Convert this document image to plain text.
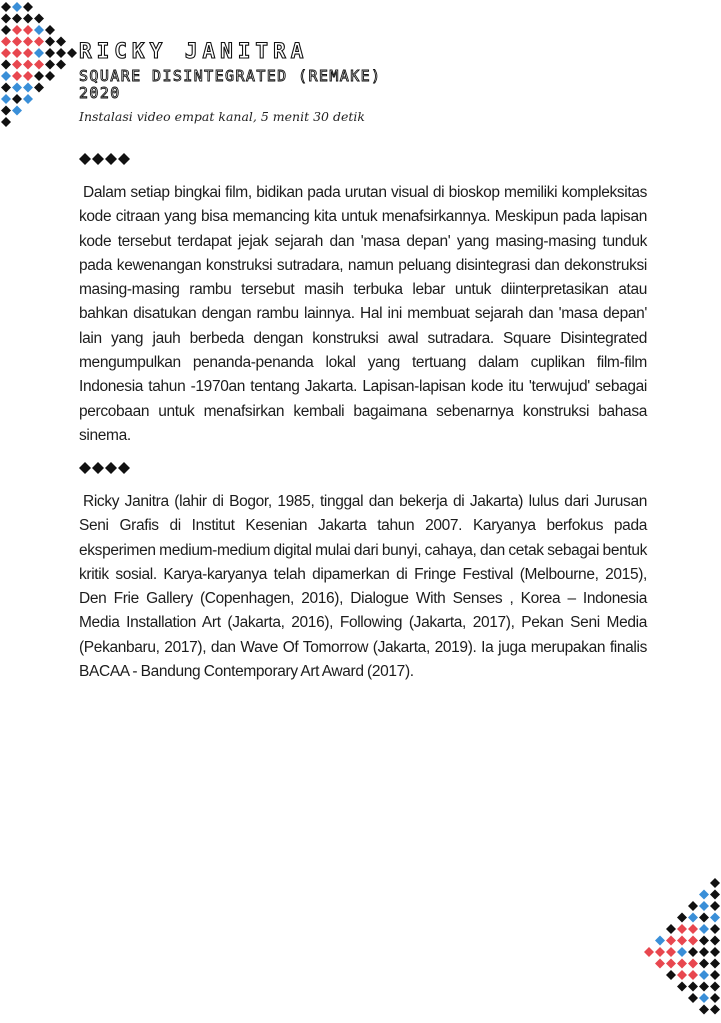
RICKY JANITRA
SQUARE DISINTEGRATED (REMAKE)
2020
Instalasi video empat kanal, 5 menit 30 detik

Dalam setiap bingkai film, bidikan pada urutan visual di bioskop memiliki kompleksitas kode citraan yang bisa memancing kita untuk menafsirkannya. Meskipun pada lapisan kode tersebut terdapat jejak sejarah dan 'masa depan' yang masing-masing tunduk pada kewenangan konstruksi sutradara, namun peluang disintegrasi dan dekonstruksi masing-masing rambu tersebut masih terbuka lebar untuk diinterpretasikan atau bahkan disatukan dengan rambu lainnya. Hal ini membuat sejarah dan 'masa depan' lain yang jauh berbeda dengan konstruksi awal sutradara. Square Disintegrated mengumpulkan penanda-penanda lokal yang tertuang dalam cuplikan film-film Indonesia tahun -1970an tentang Jakarta. Lapisan-lapisan kode itu 'terwujud' sebagai percobaan untuk menafsirkan kembali bagaimana sebenarnya konstruksi bahasa sinema.

Ricky Janitra (lahir di Bogor, 1985, tinggal dan bekerja di Jakarta) lulus dari Jurusan Seni Grafis di Institut Kesenian Jakarta tahun 2007. Karyanya berfokus pada eksperimen medium-medium digital mulai dari bunyi, cahaya, dan cetak sebagai bentuk kritik sosial. Karya-karyanya telah dipamerkan di Fringe Festival (Melbourne, 2015), Den Frie Gallery (Copenhagen, 2016), Dialogue With Senses , Korea – Indonesia Media Installation Art (Jakarta, 2016), Following (Jakarta, 2017), Pekan Seni Media (Pekanbaru, 2017), dan Wave Of Tomorrow (Jakarta, 2019). Ia juga merupakan finalis BACAA - Bandung Contemporary Art Award (2017).
